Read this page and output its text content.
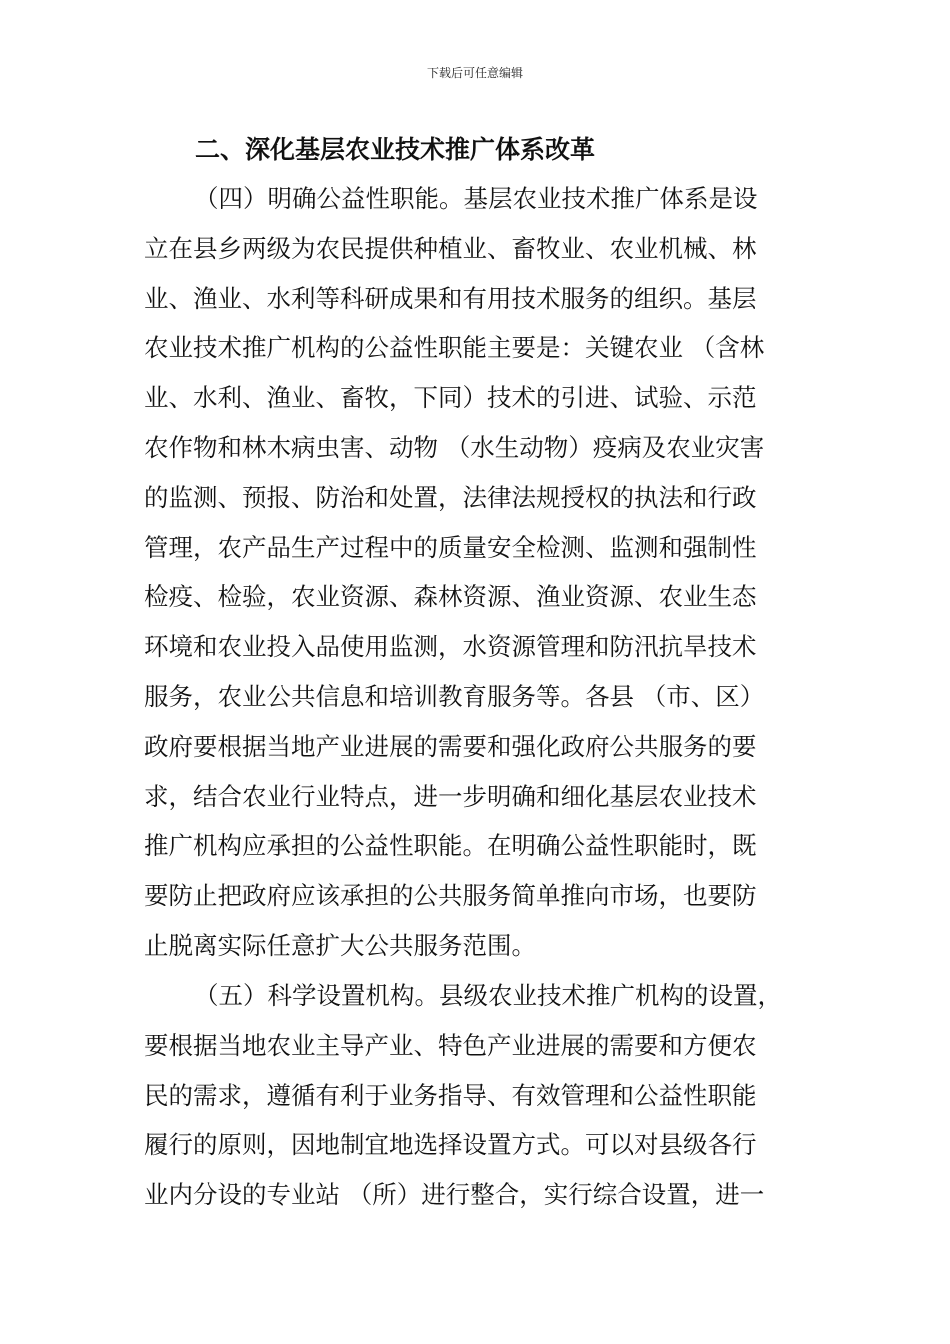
下载后可任意编辑
二、深化基层农业技术推广体系改革
（四）明确公益性职能。基层农业技术推广体系是设
立在县乡两级为农民提供种植业、畜牧业、农业机械、林
业、渔业、水利等科研成果和有用技术服务的组织。基层
农业技术推广机构的公益性职能主要是：关键农业 （含林
业、水利、渔业、畜牧，下同）技术的引进、试验、示范
农作物和林木病虫害、动物 （水生动物）疫病及农业灾害
的监测、预报、防治和处置，法律法规授权的执法和行政
管理，农产品生产过程中的质量安全检测、监测和强制性
检疫、检验，农业资源、森林资源、渔业资源、农业生态
环境和农业投入品使用监测，水资源管理和防汛抗旱技术
服务，农业公共信息和培训教育服务等。各县 （市、区）
政府要根据当地产业进展的需要和强化政府公共服务的要
求，结合农业行业特点，进一步明确和细化基层农业技术
推广机构应承担的公益性职能。在明确公益性职能时，既
要防止把政府应该承担的公共服务简单推向市场，也要防
止脱离实际任意扩大公共服务范围。
（五）科学设置机构。县级农业技术推广机构的设置，
要根据当地农业主导产业、特色产业进展的需要和方便农
民的需求，遵循有利于业务指导、有效管理和公益性职能
履行的原则，因地制宜地选择设置方式。可以对县级各行
业内分设的专业站 （所）进行整合，实行综合设置，进一
